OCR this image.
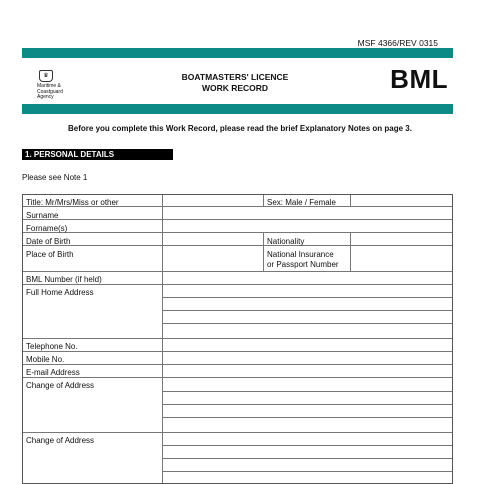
MSF 4366/REV 0315
♛
Maritime &
Coastguard
Agency
BOATMASTERS' LICENCE
WORK RECORD	BML
Before you complete this Work Record, please read the brief Explanatory Notes on page 3.
1. PERSONAL DETAILS
Please see Note 1
Title: Mr/Mrs/Miss or other	Sex: Male / Female
Surname
Forname(s)
Date of Birth	Nationality
Place of Birth	National Insurance
or Passport Number
BML Number (if held)
Full Home Address
Telephone No.
Mobile No.
E-mail Address
Change of Address
Change of Address
